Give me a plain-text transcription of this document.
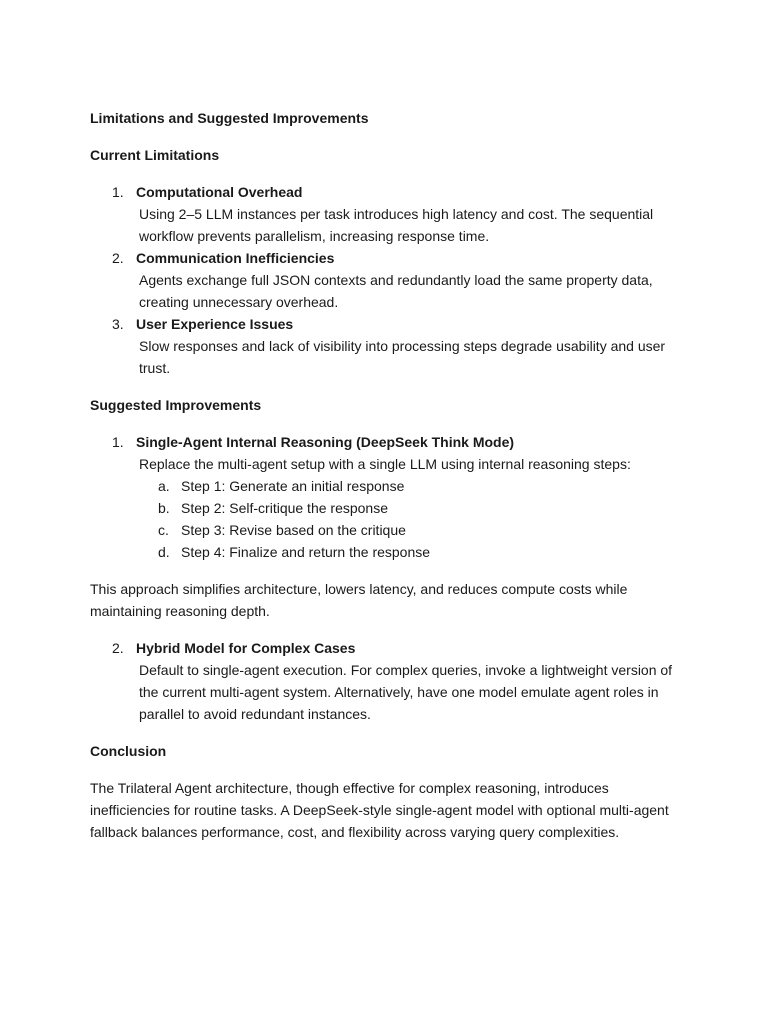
Limitations and Suggested Improvements

Current Limitations

1. Computational Overhead
Using 2–5 LLM instances per task introduces high latency and cost. The sequential workflow prevents parallelism, increasing response time.
2. Communication Inefficiencies
Agents exchange full JSON contexts and redundantly load the same property data, creating unnecessary overhead.
3. User Experience Issues
Slow responses and lack of visibility into processing steps degrade usability and user trust.

Suggested Improvements

1. Single-Agent Internal Reasoning (DeepSeek Think Mode)
Replace the multi-agent setup with a single LLM using internal reasoning steps:
a. Step 1: Generate an initial response
b. Step 2: Self-critique the response
c. Step 3: Revise based on the critique
d. Step 4: Finalize and return the response

This approach simplifies architecture, lowers latency, and reduces compute costs while maintaining reasoning depth.

2. Hybrid Model for Complex Cases
Default to single-agent execution. For complex queries, invoke a lightweight version of the current multi-agent system. Alternatively, have one model emulate agent roles in parallel to avoid redundant instances.

Conclusion

The Trilateral Agent architecture, though effective for complex reasoning, introduces inefficiencies for routine tasks. A DeepSeek-style single-agent model with optional multi-agent fallback balances performance, cost, and flexibility across varying query complexities.
